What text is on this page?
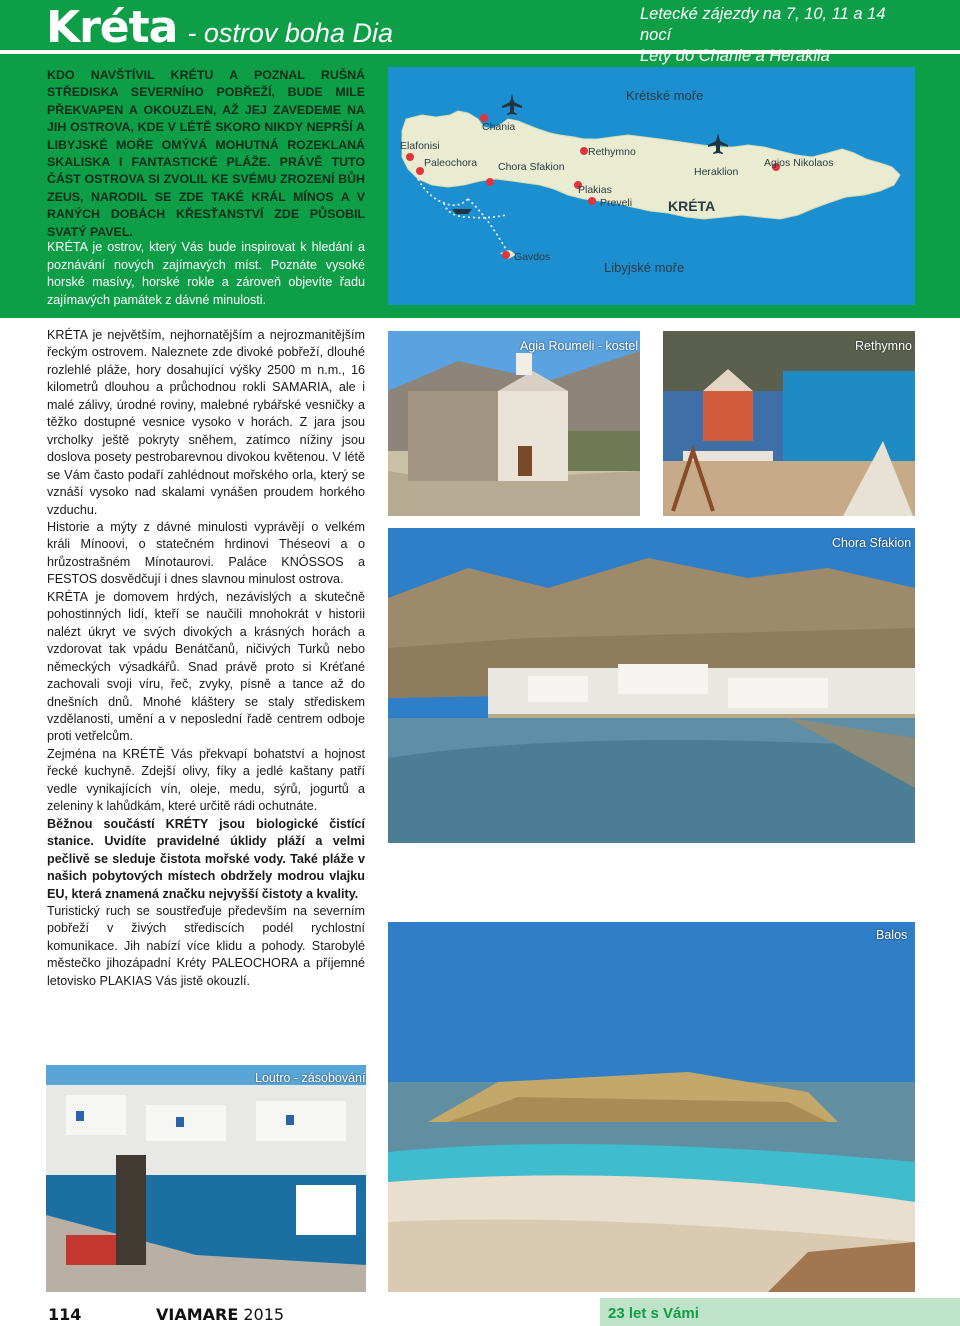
Kréta - ostrov boha Dia
Letecké zájezdy na 7, 10, 11 a 14 nocí
Lety do Chanie a Heraklia
KDO NAVŠTÍVIL KRÉTU A POZNAL RUŠNÁ STŘEDISKA SEVERNÍHO POBŘEŽÍ, BUDE MILE PŘEKVAPEN A OKOUZLEN, AŽ JEJ ZAVEDEME NA JIH OSTROVA, KDE V LÉTĚ SKORO NIKDY NEPRŠÍ A LIBYJSKÉ MOŘE OMÝVÁ MOHUTNÁ ROZEKLANÁ SKALISKA I FANTASTICKÉ PLÁŽE. PRÁVĚ TUTO ČÁST OSTROVA SI ZVOLIL KE SVÉMU ZROZENÍ BŮH ZEUS, NARODIL SE ZDE TAKÉ KRÁL MÍNOS A V RANÝCH DOBÁCH KŘESŤANSTVÍ ZDE PŮSOBIL SVATÝ PAVEL.
KRÉTA je ostrov, který Vás bude inspirovat k hledání a poznávání nových zajímavých míst. Poznáte vysoké horské masívy, horské rokle a zároveň objevíte řadu zajímavých památek z dávné minulosti.
Krétské moře
Libyjské moře
KRÉTA
Chania
Elafonisi
Paleochora Chora Sfakion
Rethymno
Plakias
Preveli
Heraklion
Agios Nikolaos
Gavdos

KRÉTA je největším, nejhornatějším a nejrozmanitějším řeckým ostrovem. Naleznete zde divoké pobřeží, dlouhé rozlehlé pláže, hory dosahující výšky 2500 m n.m., 16 kilometrů dlouhou a průchodnou rokli SAMARIA, ale i malé zálivy, úrodné roviny, malebné rybářské vesničky a těžko dostupné vesnice vysoko v horách. Z jara jsou vrcholky ještě pokryty sněhem, zatímco nížiny jsou doslova posety pestrobarevnou divokou květenou. V létě se Vám často podaří zahlédnout mořského orla, který se vznáší vysoko nad skalami vynášen proudem horkého vzduchu.

Historie a mýty z dávné minulosti vyprávějí o velkém králi Mínoovi, o statečném hrdinovi Théseovi a o hrůzostrašném Mínotaurovi. Paláce KNÓSSOS a FESTOS dosvědčují i dnes slavnou minulost ostrova.

KRÉTA je domovem hrdých, nezávislých a skutečně pohostinných lidí, kteří se naučili mnohokrát v historii nalézt úkryt ve svých divokých a krásných horách a vzdorovat tak vpádu Benátčanů, ničivých Turků nebo německých výsadkářů. Snad právě proto si Kréťané zachovali svoji víru, řeč, zvyky, písně a tance až do dnešních dnů. Mnohé kláštery se staly střediskem vzdělanosti, umění a v neposlední řadě centrem odboje proti vetřelcům.

Zejména na KRÉTĚ Vás překvapí bohatství a hojnost řecké kuchyně. Zdejší olivy, fíky a jedlé kaštany patří vedle vynikajících vín, oleje, medu, sýrů, jogurtů a zeleniny k lahůdkám, které určitě rádi ochutnáte.

Běžnou součástí KRÉTY jsou biologické čistící stanice. Uvidíte pravidelné úklidy pláží a velmi pečlivě se sleduje čistota mořské vody. Také pláže v našich pobytových místech obdržely modrou vlajku EU, která znamená značku nejvyšší čistoty a kvality.

Turistický ruch se soustřeďuje především na severním pobřeží v živých střediscích podél rychlostní komunikace. Jih nabízí více klidu a pohody. Starobylé městečko jihozápadní Kréty PALEOCHORA a příjemné letovisko PLAKIAS Vás jistě okouzlí.

Agia Roumeli - kostel	Rethymno
Chora Sfakion
Balos
Loutro - zásobování
114	VIAMARE 2015	23 let s Vámi
